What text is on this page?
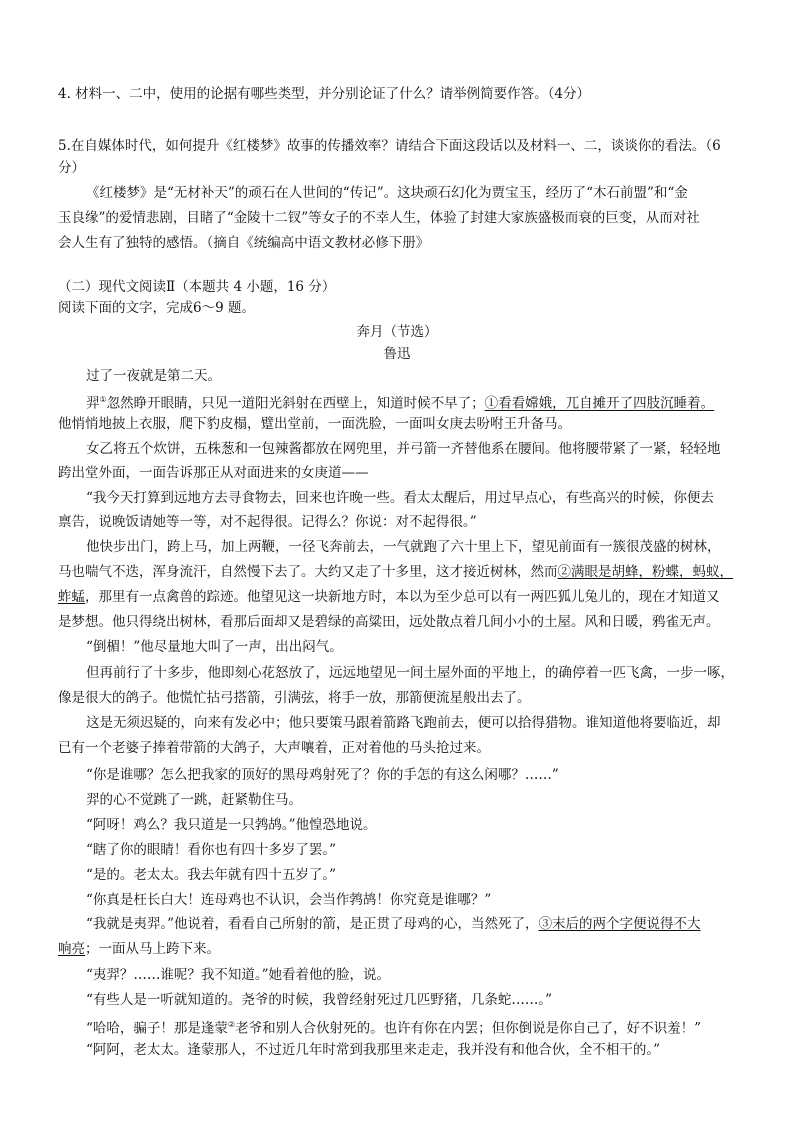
4. 材料一、二中，使用的论据有哪些类型，并分别论证了什么？请举例简要作答。（4分）
5.在自媒体时代，如何提升《红楼梦》故事的传播效率？请结合下面这段话以及材料一、二，谈谈你的看法。（6
分）
《红楼梦》是“无材补天”的顽石在人世间的“传记”。这块顽石幻化为贾宝玉，经历了“木石前盟”和“金
玉良缘”的爱情悲剧，目睹了“金陵十二钗”等女子的不幸人生，体验了封建大家族盛极而衰的巨变，从而对社
会人生有了独特的感悟。（摘自《统编高中语文教材必修下册》
（二）现代文阅读Ⅱ（本题共 4 小题，16 分）
阅读下面的文字，完成6～9 题。
奔月（节选）
鲁迅
过了一夜就是第二天。
羿①忽然睁开眼睛，只见一道阳光斜射在西壁上，知道时候不早了；①看看嫦娥，兀自摊开了四肢沉睡着。
他悄悄地披上衣服，爬下豹皮榻，躄出堂前，一面洗脸，一面叫女庚去吩咐王升备马。
女乙将五个炊饼，五株葱和一包辣酱都放在网兜里，并弓箭一齐替他系在腰间。他将腰带紧了一紧，轻轻地
跨出堂外面，一面告诉那正从对面进来的女庚道——
“我今天打算到远地方去寻食物去，回来也许晚一些。看太太醒后，用过早点心，有些高兴的时候，你便去
禀告，说晚饭请她等一等，对不起得很。记得么？你说：对不起得很。”
他快步出门，跨上马，加上两鞭，一径飞奔前去，一气就跑了六十里上下，望见前面有一簇很茂盛的树林，
马也喘气不迭，浑身流汗，自然慢下去了。大约又走了十多里，这才接近树林，然而②满眼是胡蜂，粉蝶，蚂蚁，
蚱蜢，那里有一点禽兽的踪迹。他望见这一块新地方时，本以为至少总可以有一两匹狐儿兔儿的，现在才知道又
是梦想。他只得绕出树林，看那后面却又是碧绿的高粱田，远处散点着几间小小的土屋。风和日暖，鸦雀无声。
“倒楣！”他尽量地大叫了一声，出出闷气。
但再前行了十多步，他即刻心花怒放了，远远地望见一间土屋外面的平地上，的确停着一匹飞禽，一步一啄，
像是很大的鸽子。他慌忙拈弓搭箭，引满弦，将手一放，那箭便流星般出去了。
这是无须迟疑的，向来有发必中；他只要策马跟着箭路飞跑前去，便可以拾得猎物。谁知道他将要临近，却
已有一个老婆子捧着带箭的大鸽子，大声嚷着，正对着他的马头抢过来。
“你是谁哪？怎么把我家的顶好的黑母鸡射死了？你的手怎的有这么闲哪？……”
羿的心不觉跳了一跳，赶紧勒住马。
“阿呀！鸡么？我只道是一只鹁鸪。”他惶恐地说。
“瞎了你的眼睛！看你也有四十多岁了罢。”
“是的。老太太。我去年就有四十五岁了。”
“你真是枉长白大！连母鸡也不认识，会当作鹁鸪！你究竟是谁哪？”
“我就是夷羿。”他说着，看看自己所射的箭，是正贯了母鸡的心，当然死了，③末后的两个字便说得不大
响亮；一面从马上跨下来。
“夷羿？……谁呢？我不知道。”她看着他的脸，说。
“有些人是一听就知道的。尧爷的时候，我曾经射死过几匹野猪，几条蛇……。”
“哈哈，骗子！那是逢蒙②老爷和别人合伙射死的。也许有你在内罢；但你倒说是你自己了，好不识羞！”
“阿阿，老太太。逢蒙那人，不过近几年时常到我那里来走走，我并没有和他合伙，全不相干的。”
